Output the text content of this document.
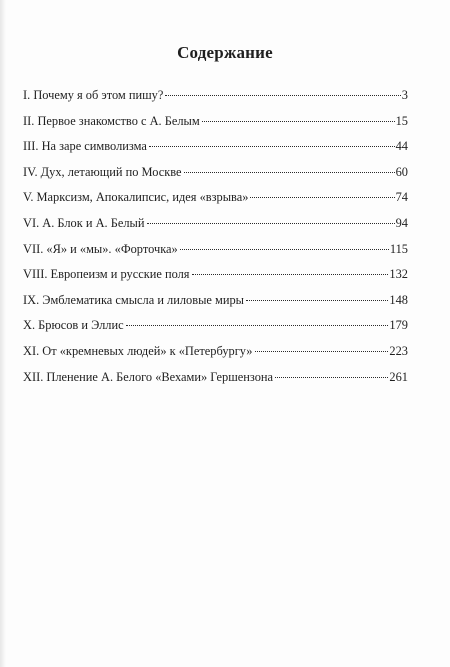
Содержание
I. Почему я об этом пишу?	3
II. Первое знакомство с А. Белым	15
III. На заре символизма	44
IV. Дух, летающий по Москве	60
V. Марксизм, Апокалипсис, идея «взрыва»	74
VI. А. Блок и А. Белый	94
VII. «Я» и «мы». «Форточка»	115
VIII. Европеизм и русские поля	132
IX. Эмблематика смысла и лиловые миры	148
X. Брюсов и Эллис	179
XI. От «кремневых людей» к «Петербургу»	223
XII. Пленение А. Белого «Вехами» Гершензона	261
